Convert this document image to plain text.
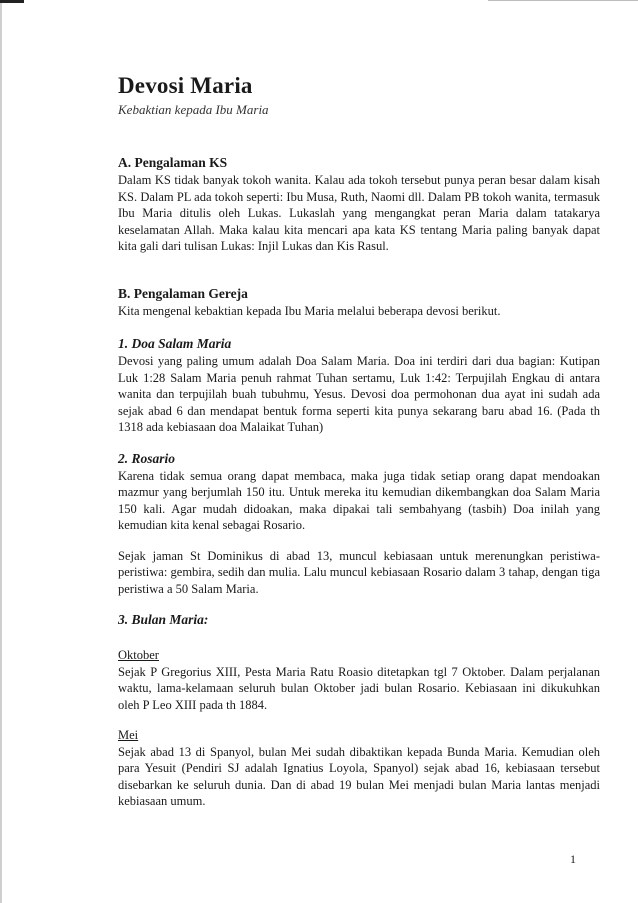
Devosi Maria
Kebaktian kepada Ibu Maria
A. Pengalaman KS

Dalam KS tidak banyak tokoh wanita. Kalau ada tokoh tersebut punya peran besar dalam kisah KS. Dalam PL ada tokoh seperti: Ibu Musa, Ruth, Naomi dll. Dalam PB tokoh wanita, termasuk Ibu Maria ditulis oleh Lukas. Lukaslah yang mengangkat peran Maria dalam tatakarya keselamatan Allah. Maka kalau kita mencari apa kata KS tentang Maria paling banyak dapat kita gali dari tulisan Lukas: Injil Lukas dan Kis Rasul.

B. Pengalaman Gereja

Kita mengenal kebaktian kepada Ibu Maria melalui beberapa devosi berikut.

1. Doa Salam Maria

Devosi yang paling umum adalah Doa Salam Maria. Doa ini terdiri dari dua bagian: Kutipan Luk 1:28 Salam Maria penuh rahmat Tuhan sertamu, Luk 1:42: Terpujilah Engkau di antara wanita dan terpujilah buah tubuhmu, Yesus. Devosi doa permohonan dua ayat ini sudah ada sejak abad 6 dan mendapat bentuk forma seperti kita punya sekarang baru abad 16. (Pada th 1318 ada kebiasaan doa Malaikat Tuhan)

2. Rosario

Karena tidak semua orang dapat membaca, maka juga tidak setiap orang dapat mendoakan mazmur yang berjumlah 150 itu. Untuk mereka itu kemudian dikembangkan doa Salam Maria 150 kali. Agar mudah didoakan, maka dipakai tali sembahyang (tasbih) Doa inilah yang kemudian kita kenal sebagai Rosario.

Sejak jaman St Dominikus di abad 13, muncul kebiasaan untuk merenungkan peristiwa-peristiwa: gembira, sedih dan mulia. Lalu muncul kebiasaan Rosario dalam 3 tahap, dengan tiga peristiwa a 50 Salam Maria.

3. Bulan Maria:
Oktober

Sejak P Gregorius XIII, Pesta Maria Ratu Roasio ditetapkan tgl 7 Oktober. Dalam perjalanan waktu, lama-kelamaan seluruh bulan Oktober jadi bulan Rosario. Kebiasaan ini dikukuhkan oleh P Leo XIII pada th 1884.

Mei

Sejak abad 13 di Spanyol, bulan Mei sudah dibaktikan kepada Bunda Maria. Kemudian oleh para Yesuit (Pendiri SJ adalah Ignatius Loyola, Spanyol) sejak abad 16, kebiasaan tersebut disebarkan ke seluruh dunia. Dan di abad 19 bulan Mei menjadi bulan Maria lantas menjadi kebiasaan umum.

1
